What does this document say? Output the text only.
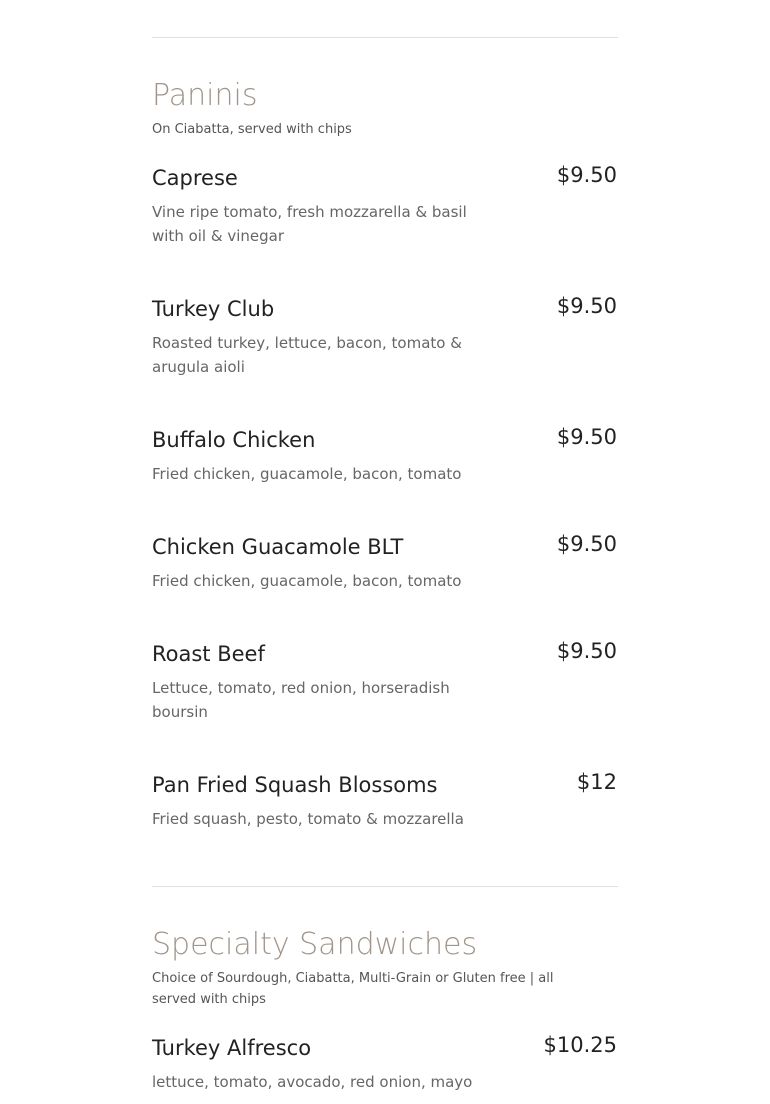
Paninis
On Ciabatta, served with chips
Caprese	$9.50
Vine ripe tomato, fresh mozzarella & basil with oil & vinegar
Turkey Club	$9.50
Roasted turkey, lettuce, bacon, tomato & arugula aioli
Buffalo Chicken	$9.50
Fried chicken, guacamole, bacon, tomato
Chicken Guacamole BLT	$9.50
Fried chicken, guacamole, bacon, tomato
Roast Beef	$9.50
Lettuce, tomato, red onion, horseradish boursin
Pan Fried Squash Blossoms	$12
Fried squash, pesto, tomato & mozzarella
Specialty Sandwiches
Choice of Sourdough, Ciabatta, Multi-Grain or Gluten free | all served with chips
Turkey Alfresco	$10.25
lettuce, tomato, avocado, red onion, mayo
